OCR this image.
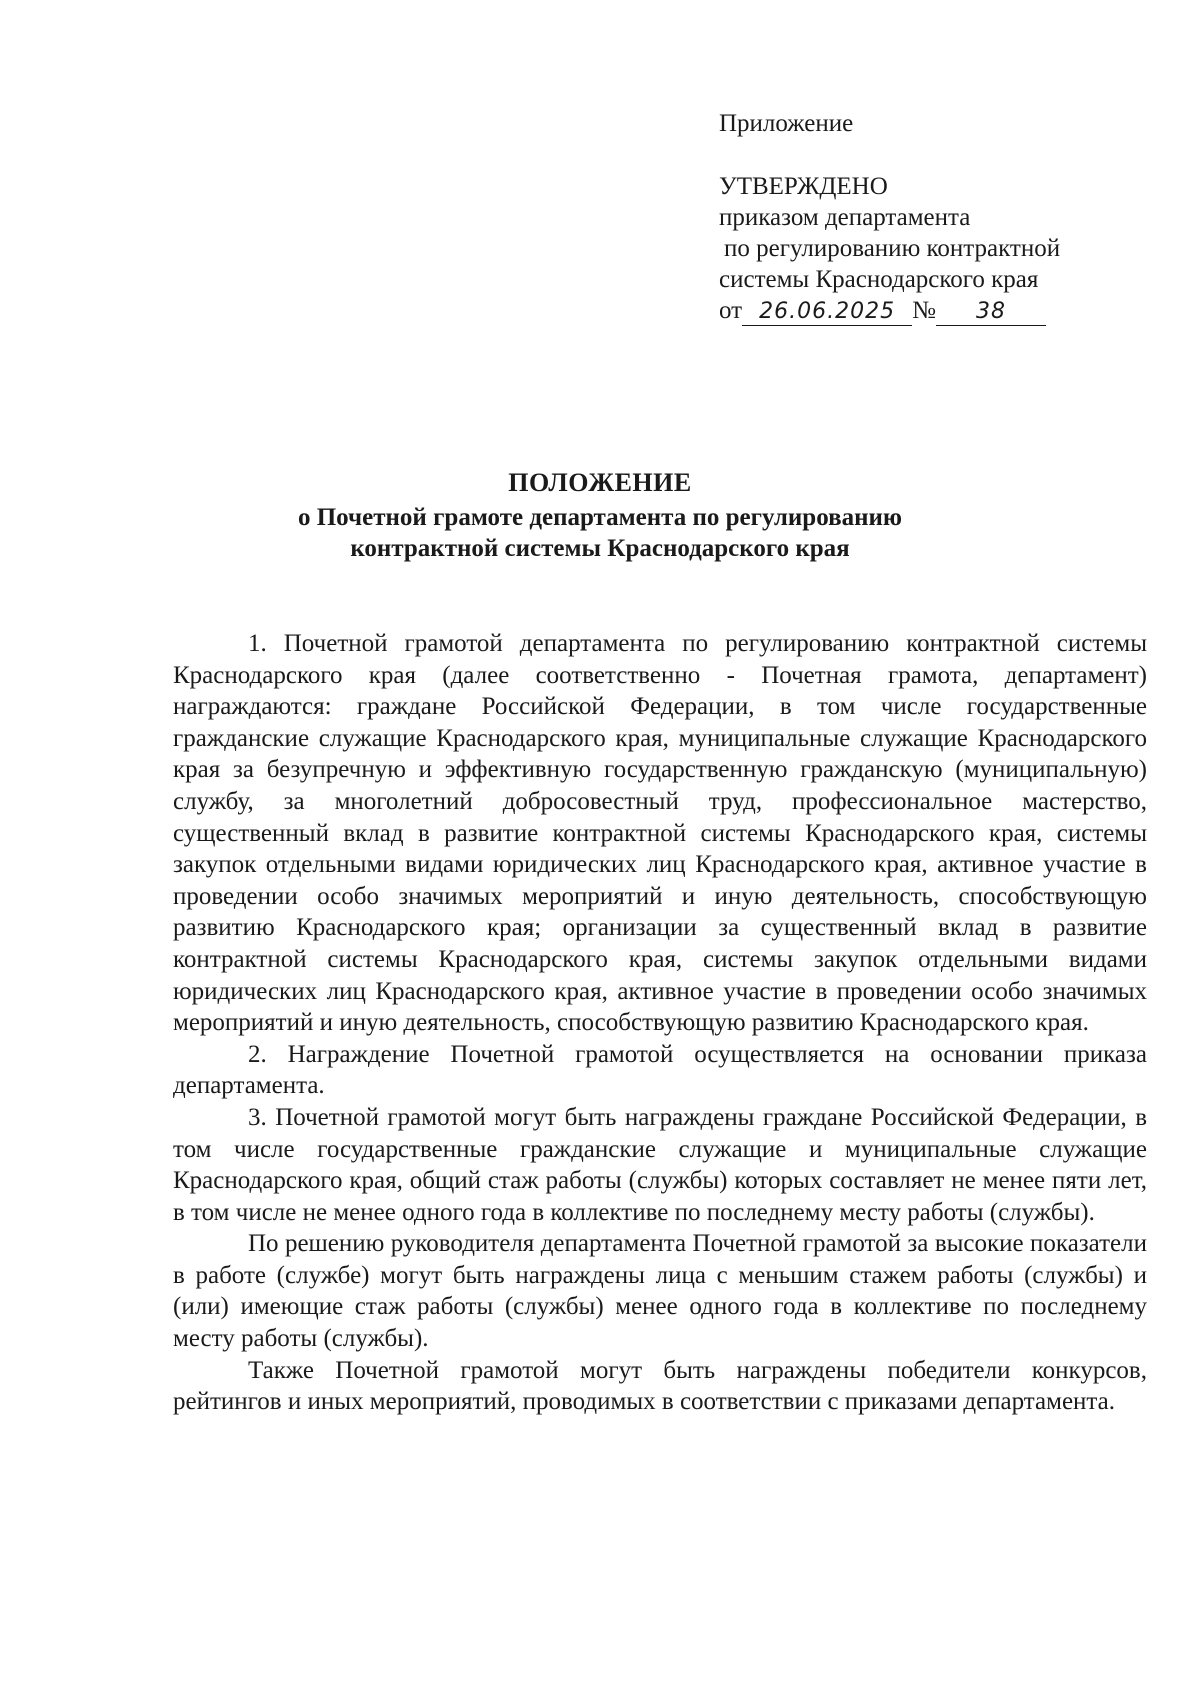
Приложение
УТВЕРЖДЕНО
приказом департамента
по регулированию контрактной
системы Краснодарского края
от 26.06.2025 № 38
ПОЛОЖЕНИЕ
о Почетной грамоте департамента по регулированию
контрактной системы Краснодарского края

1. Почетной грамотой департамента по регулированию контрактной системы Краснодарского края (далее соответственно - Почетная грамота, департамент) награждаются: граждане Российской Федерации, в том числе государственные гражданские служащие Краснодарского края, муниципальные служащие Краснодарского края за безупречную и эффективную государственную гражданскую (муниципальную) службу, за многолетний добросовестный труд, профессиональное мастерство, существенный вклад в развитие контрактной системы Краснодарского края, системы закупок отдельными видами юридических лиц Краснодарского края, активное участие в проведении особо значимых мероприятий и иную деятельность, способствующую развитию Краснодарского края; организации за существенный вклад в развитие контрактной системы Краснодарского края, системы закупок отдельными видами юридических лиц Краснодарского края, активное участие в проведении особо значимых мероприятий и иную деятельность, способствующую развитию Краснодарского края.

2. Награждение Почетной грамотой осуществляется на основании приказа департамента.

3. Почетной грамотой могут быть награждены граждане Российской Федерации, в том числе государственные гражданские служащие и муниципальные служащие Краснодарского края, общий стаж работы (службы) которых составляет не менее пяти лет, в том числе не менее одного года в коллективе по последнему месту работы (службы).

По решению руководителя департамента Почетной грамотой за высокие показатели в работе (службе) могут быть награждены лица с меньшим стажем работы (службы) и (или) имеющие стаж работы (службы) менее одного года в коллективе по последнему месту работы (службы).

Также Почетной грамотой могут быть награждены победители конкурсов, рейтингов и иных мероприятий, проводимых в соответствии с приказами департамента.
